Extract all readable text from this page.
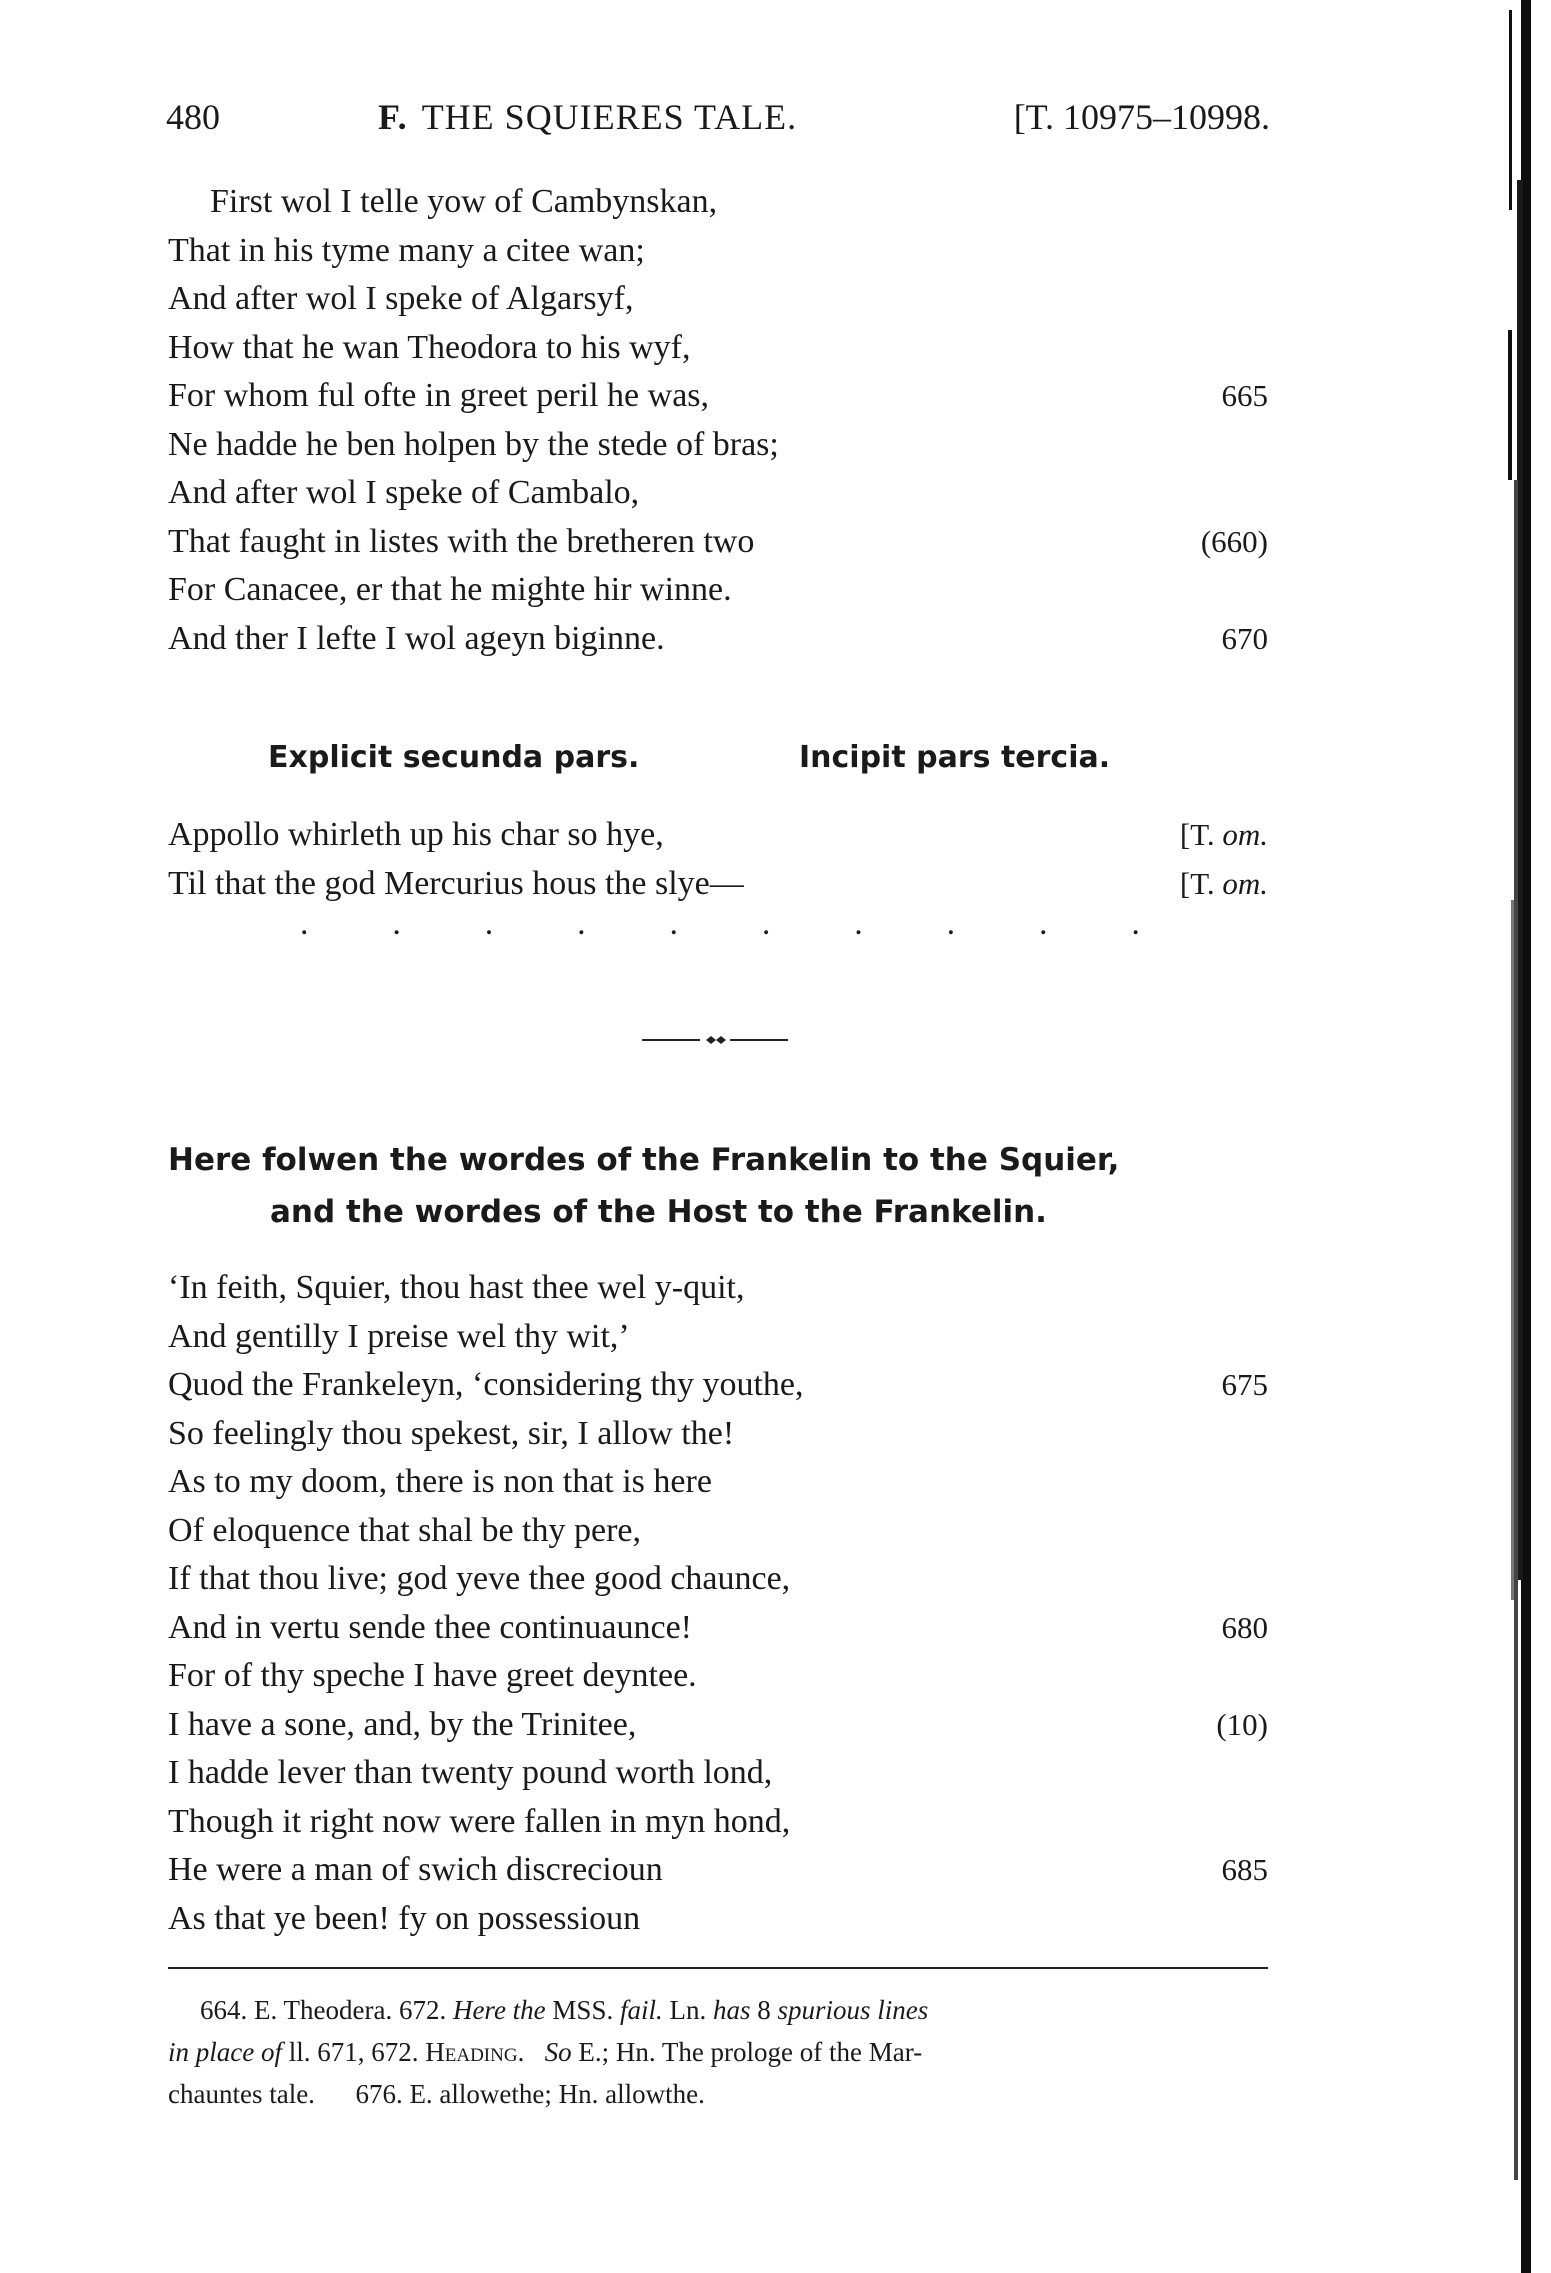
480	F. THE SQUIERES TALE.	[T. 10975–10998.
First wol I telle yow of Cambynskan,
That in his tyme many a citee wan;
And after wol I speke of Algarsyf,
How that he wan Theodora to his wyf,
For whom ful ofte in greet peril he was,	665
Ne hadde he ben holpen by the stede of bras;
And after wol I speke of Cambalo,
That faught in listes with the bretheren two	(660)
For Canacee, er that he mighte hir winne.
And ther I lefte I wol ageyn biginne.	670
Explicit secunda pars.	Incipit pars tercia.
Appollo whirleth up his char so hye,	[T. om.
Til that the god Mercurius hous the slye—	[T. om.
. . . . . . . . . .
Here folwen the wordes of the Frankelin to the Squier,
and the wordes of the Host to the Frankelin.
‘In feith, Squier, thou hast thee wel y-quit,
And gentilly I preise wel thy wit,’
Quod the Frankeleyn, ‘considering thy youthe,	675
So feelingly thou spekest, sir, I allow the!
As to my doom, there is non that is here
Of eloquence that shal be thy pere,
If that thou live; god yeve thee good chaunce,
And in vertu sende thee continuaunce!	680
For of thy speche I have greet deyntee.
I have a sone, and, by the Trinitee,	(10)
I hadde lever than twenty pound worth lond,
Though it right now were fallen in myn hond,
He were a man of swich discrecioun	685
As that ye been! fy on possessioun
664. E. Theodera. 672. Here the MSS. fail. Ln. has 8 spurious lines
in place of ll. 671, 672. Heading. So E.; Hn. The prologe of the Mar-
chauntes tale. 676. E. allowethe; Hn. allowthe.
